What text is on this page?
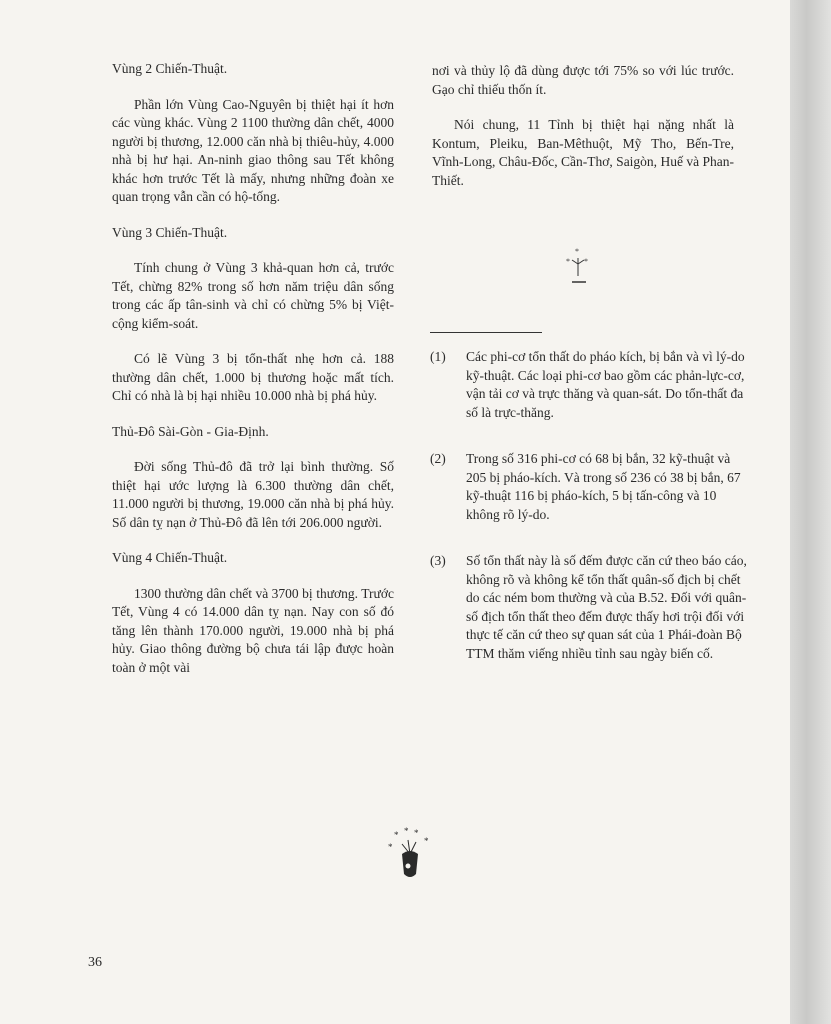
Vùng 2 Chiến-Thuật.

Phần lớn Vùng Cao-Nguyên bị thiệt hại ít hơn các vùng khác. Vùng 2 1100 thường dân chết, 4000 người bị thương, 12.000 căn nhà bị thiêu-hủy, 4.000 nhà bị hư hại. An-ninh giao thông sau Tết không khác hơn trước Tết là mấy, nhưng những đoàn xe quan trọng vẫn cần có hộ-tống.

Vùng 3 Chiến-Thuật.

Tính chung ở Vùng 3 khả-quan hơn cả, trước Tết, chừng 82% trong số hơn năm triệu dân sống trong các ấp tân-sinh và chỉ có chừng 5% bị Việt-cộng kiểm-soát.

Có lẽ Vùng 3 bị tổn-thất nhẹ hơn cả. 188 thường dân chết, 1.000 bị thương hoặc mất tích. Chỉ có nhà là bị hại nhiều 10.000 nhà bị phá hủy.

Thủ-Đô Sài-Gòn - Gia-Định.

Đời sống Thủ-đô đã trở lại bình thường. Số thiệt hại ước lượng là 6.300 thường dân chết, 11.000 người bị thương, 19.000 căn nhà bị phá hủy. Số dân tỵ nạn ở Thủ-Đô đã lên tới 206.000 người.

Vùng 4 Chiến-Thuật.

1300 thường dân chết và 3700 bị thương. Trước Tết, Vùng 4 có 14.000 dân tỵ nạn. Nay con số đó tăng lên thành 170.000 người, 19.000 nhà bị phá hủy. Giao thông đường bộ chưa tái lập được hoàn toàn ở một vài

nơi và thủy lộ đã dùng được tới 75% so với lúc trước. Gạo chỉ thiếu thốn ít.

Nói chung, 11 Tỉnh bị thiệt hại nặng nhất là Kontum, Pleiku, Ban-Mêthuột, Mỹ Tho, Bến-Tre, Vĩnh-Long, Châu-Đốc, Cần-Thơ, Saigòn, Huế và Phan-Thiết.

*
* *
(1)	Các phi-cơ tổn thất do pháo kích, bị bắn và vì lý-do kỹ-thuật. Các loại phi-cơ bao gồm các phản-lực-cơ, vận tải cơ và trực thăng và quan-sát. Do tổn-thất đa số là trực-thăng.
(2)	Trong số 316 phi-cơ có 68 bị bắn, 32 kỹ-thuật và 205 bị pháo-kích. Và trong số 236 có 38 bị bắn, 67 kỹ-thuật 116 bị pháo-kích, 5 bị tấn-công và 10 không rõ lý-do.
(3)	Số tổn thất này là số đếm được căn cứ theo báo cáo, không rõ và không kể tổn thất quân-số địch bị chết do các ném bom thường và của B.52. Đối với quân-số địch tổn thất theo đếm được thấy hơi trội đối với thực tế căn cứ theo sự quan sát của 1 Phái-đoàn Bộ TTM thăm viếng nhiều tỉnh sau ngày biến cố.
* * *
*
*
36
